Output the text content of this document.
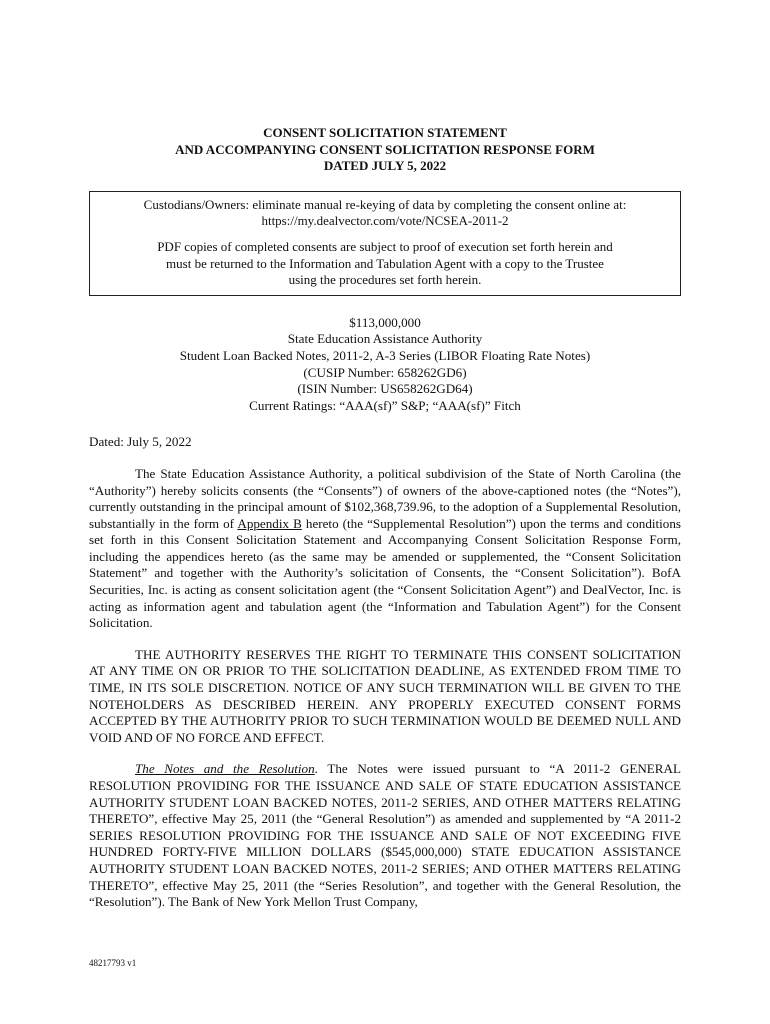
CONSENT SOLICITATION STATEMENT
AND ACCOMPANYING CONSENT SOLICITATION RESPONSE FORM
DATED JULY 5, 2022

Custodians/Owners: eliminate manual re-keying of data by completing the consent online at:
https://my.dealvector.com/vote/NCSEA-2011-2

PDF copies of completed consents are subject to proof of execution set forth herein and
must be returned to the Information and Tabulation Agent with a copy to the Trustee
using the procedures set forth herein.

$113,000,000
State Education Assistance Authority
Student Loan Backed Notes, 2011-2, A-3 Series (LIBOR Floating Rate Notes)
(CUSIP Number: 658262GD6)
(ISIN Number: US658262GD64)
Current Ratings: “AAA(sf)” S&P; “AAA(sf)” Fitch
Dated: July 5, 2022
The State Education Assistance Authority, a political subdivision of the State of North Carolina (the “Authority”) hereby solicits consents (the “Consents”) of owners of the above-captioned notes (the “Notes”), currently outstanding in the principal amount of $102,368,739.96, to the adoption of a Supplemental Resolution, substantially in the form of Appendix B hereto (the “Supplemental Resolution”) upon the terms and conditions set forth in this Consent Solicitation Statement and Accompanying Consent Solicitation Response Form, including the appendices hereto (as the same may be amended or supplemented, the “Consent Solicitation Statement” and together with the Authority’s solicitation of Consents, the “Consent Solicitation”). BofA Securities, Inc. is acting as consent solicitation agent (the “Consent Solicitation Agent”) and DealVector, Inc. is acting as information agent and tabulation agent (the “Information and Tabulation Agent”) for the Consent Solicitation.
THE AUTHORITY RESERVES THE RIGHT TO TERMINATE THIS CONSENT SOLICITATION AT ANY TIME ON OR PRIOR TO THE SOLICITATION DEADLINE, AS EXTENDED FROM TIME TO TIME, IN ITS SOLE DISCRETION. NOTICE OF ANY SUCH TERMINATION WILL BE GIVEN TO THE NOTEHOLDERS AS DESCRIBED HEREIN. ANY PROPERLY EXECUTED CONSENT FORMS ACCEPTED BY THE AUTHORITY PRIOR TO SUCH TERMINATION WOULD BE DEEMED NULL AND VOID AND OF NO FORCE AND EFFECT.
The Notes and the Resolution. The Notes were issued pursuant to “A 2011-2 GENERAL RESOLUTION PROVIDING FOR THE ISSUANCE AND SALE OF STATE EDUCATION ASSISTANCE AUTHORITY STUDENT LOAN BACKED NOTES, 2011-2 SERIES, AND OTHER MATTERS RELATING THERETO”, effective May 25, 2011 (the “General Resolution”) as amended and supplemented by “A 2011-2 SERIES RESOLUTION PROVIDING FOR THE ISSUANCE AND SALE OF NOT EXCEEDING FIVE HUNDRED FORTY-FIVE MILLION DOLLARS ($545,000,000) STATE EDUCATION ASSISTANCE AUTHORITY STUDENT LOAN BACKED NOTES, 2011-2 SERIES; AND OTHER MATTERS RELATING THERETO”, effective May 25, 2011 (the “Series Resolution”, and together with the General Resolution, the “Resolution”). The Bank of New York Mellon Trust Company,
48217793 v1
